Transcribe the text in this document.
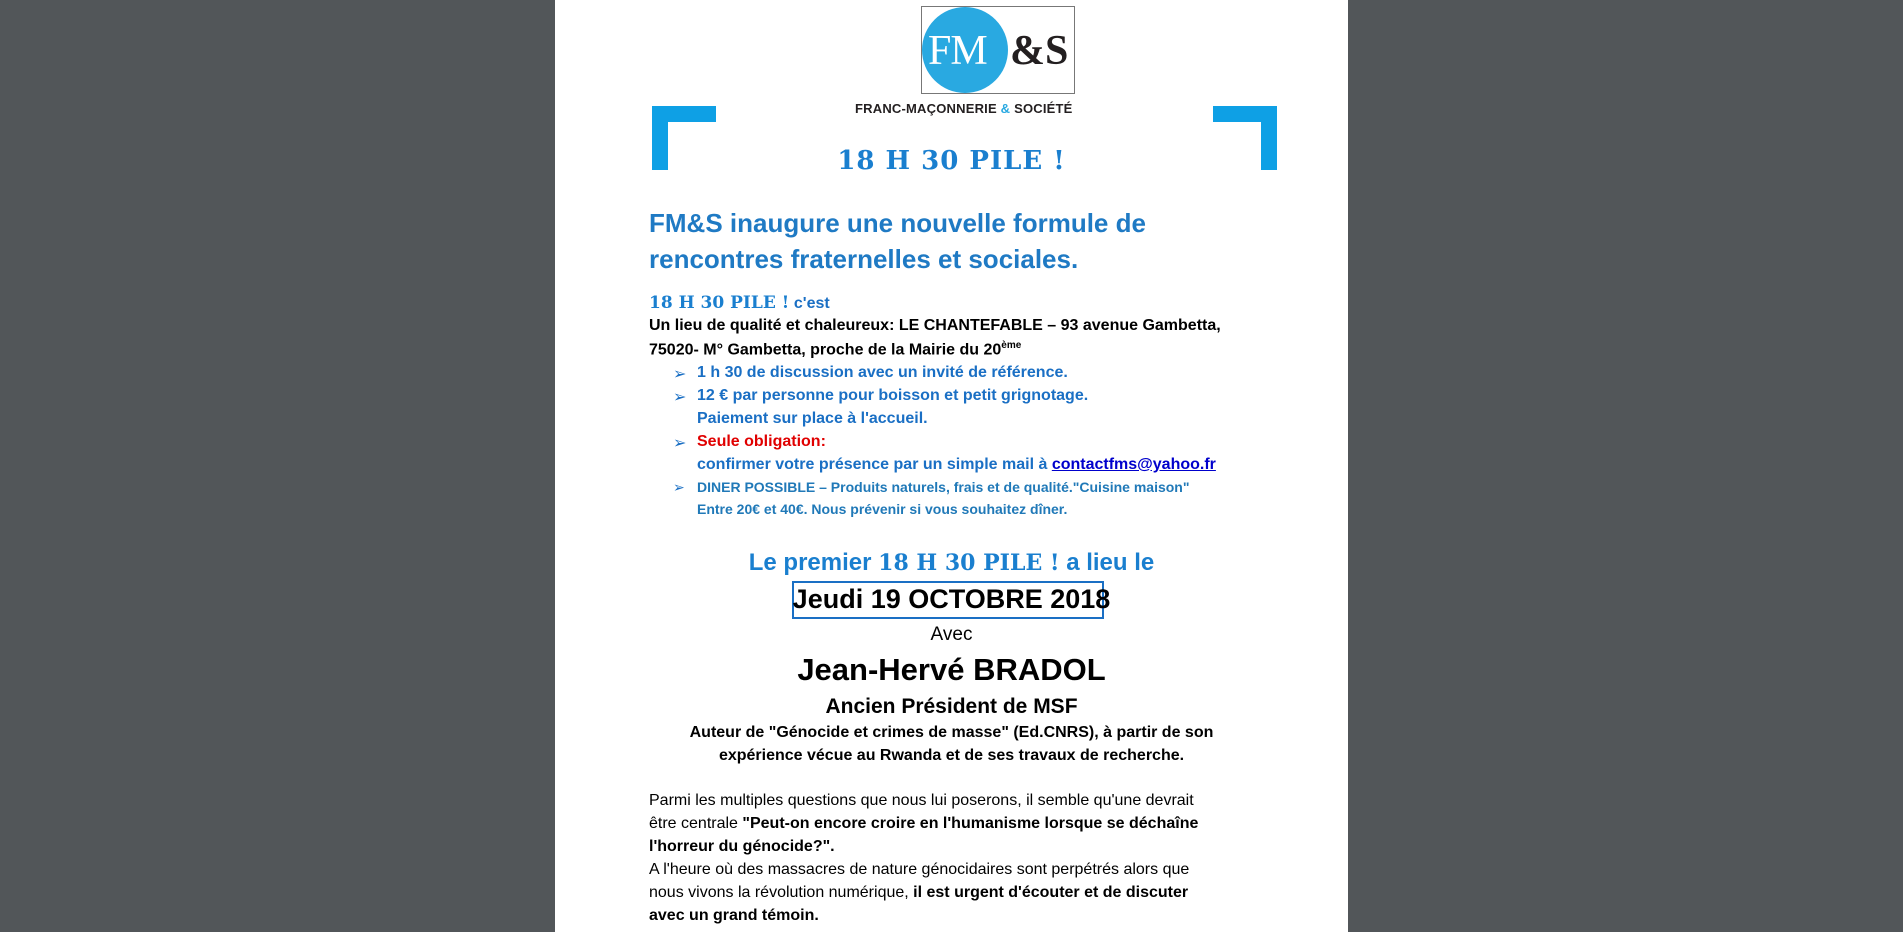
FM &S
FRANC-MAÇONNERIE & SOCIÉTÉ
18 H 30 PILE !
FM&S inaugure une nouvelle formule de rencontres fraternelles et sociales.
18 H 30 PILE ! c'est
Un lieu de qualité et chaleureux: LE CHANTEFABLE – 93 avenue Gambetta,
75020- M° Gambetta, proche de la Mairie du 20ème
➢ 1 h 30 de discussion avec un invité de référence.
➢ 12 € par personne pour boisson et petit grignotage.
Paiement sur place à l'accueil.
➢ Seule obligation:
confirmer votre présence par un simple mail à contactfms@yahoo.fr
➢ DINER POSSIBLE – Produits naturels, frais et de qualité."Cuisine maison"
Entre 20€ et 40€. Nous prévenir si vous souhaitez dîner.
Le premier 18 H 30 PILE ! a lieu le
Jeudi 19 OCTOBRE 2018
Avec
Jean-Hervé BRADOL
Ancien Président de MSF
Auteur de "Génocide et crimes de masse" (Ed.CNRS), à partir de son
expérience vécue au Rwanda et de ses travaux de recherche.
Parmi les multiples questions que nous lui poserons, il semble qu'une devrait
être centrale "Peut-on encore croire en l'humanisme lorsque se déchaîne
l'horreur du génocide?".
A l'heure où des massacres de nature génocidaires sont perpétrés alors que
nous vivons la révolution numérique, il est urgent d'écouter et de discuter
avec un grand témoin.
